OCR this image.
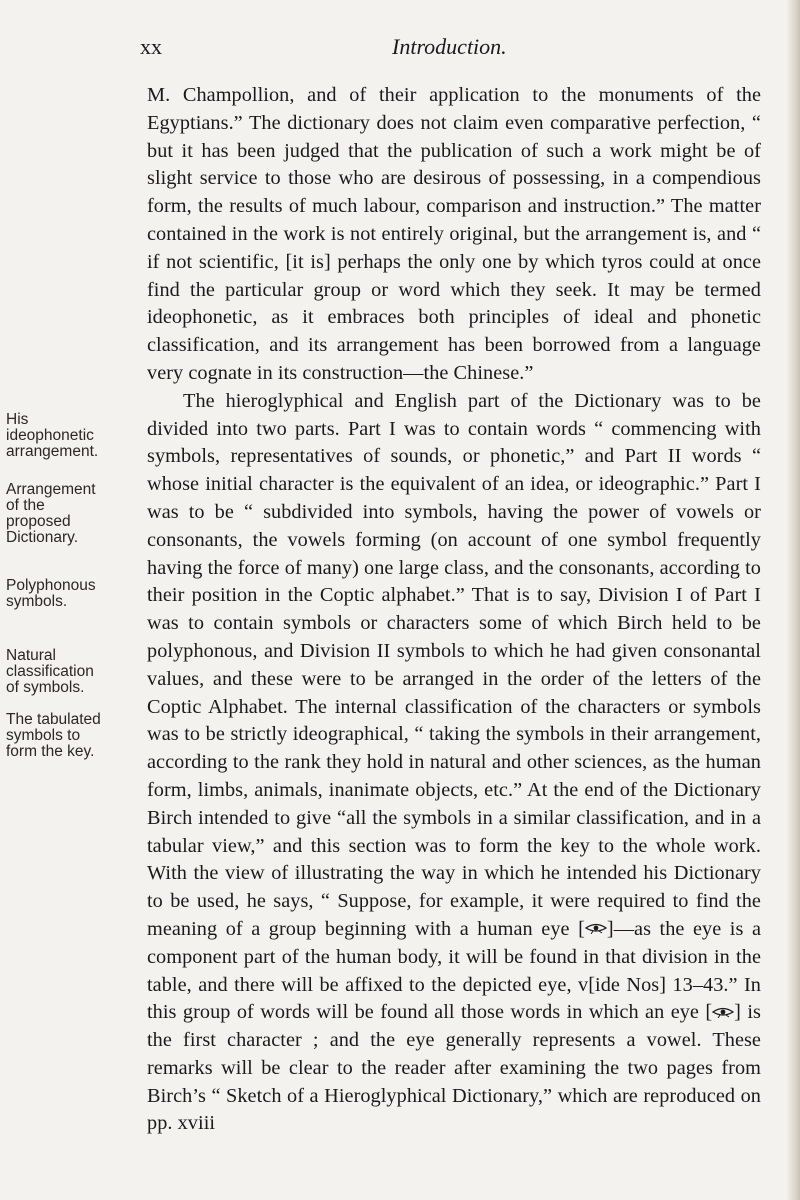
xx	Introduction.
His
ideophonetic
arrangement.
Arrangement
of the
proposed
Dictionary.
Polyphonous
symbols.
Natural
classification
of symbols.
The tabulated
symbols to
form the key.

M. Champollion, and of their application to the monuments of the Egyptians.” The dictionary does not claim even comparative perfection, “ but it has been judged that the publication of such a work might be of slight service to those who are desirous of possessing, in a compendious form, the results of much labour, comparison and instruction.” The matter contained in the work is not entirely original, but the arrangement is, and “ if not scientific, [it is] perhaps the only one by which tyros could at once find the particular group or word which they seek. It may be termed ideophonetic, as it embraces both principles of ideal and phonetic classification, and its arrangement has been borrowed from a language very cognate in its construction—the Chinese.”

The hieroglyphical and English part of the Dictionary was to be divided into two parts. Part I was to contain words “ commencing with symbols, representatives of sounds, or phonetic,” and Part II words “ whose initial character is the equivalent of an idea, or ideographic.” Part I was to be “ subdivided into symbols, having the power of vowels or consonants, the vowels forming (on account of one symbol frequently having the force of many) one large class, and the consonants, according to their position in the Coptic alphabet.” That is to say, Division I of Part I was to contain symbols or characters some of which Birch held to be polyphonous, and Division II symbols to which he had given consonantal values, and these were to be arranged in the order of the letters of the Coptic Alphabet. The internal classification of the characters or symbols was to be strictly ideographical, “ taking the symbols in their arrangement, according to the rank they hold in natural and other sciences, as the human form, limbs, animals, inanimate objects, etc.” At the end of the Dictionary Birch intended to give “all the symbols in a similar classification, and in a tabular view,” and this section was to form the key to the whole work. With the view of illustrating the way in which he intended his Dictionary to be used, he says, “ Suppose, for example, it were required to find the meaning of a group beginning with a human eye [ ]—as the eye is a component part of the human body, it will be found in that division in the table, and there will be affixed to the depicted eye, v[ide Nos] 13–43.” In this group of words will be found all those words in which an eye [ ] is the first character ; and the eye generally represents a vowel. These remarks will be clear to the reader after examining the two pages from Birch’s “ Sketch of a Hieroglyphical Dictionary,” which are reproduced on pp. xviii
